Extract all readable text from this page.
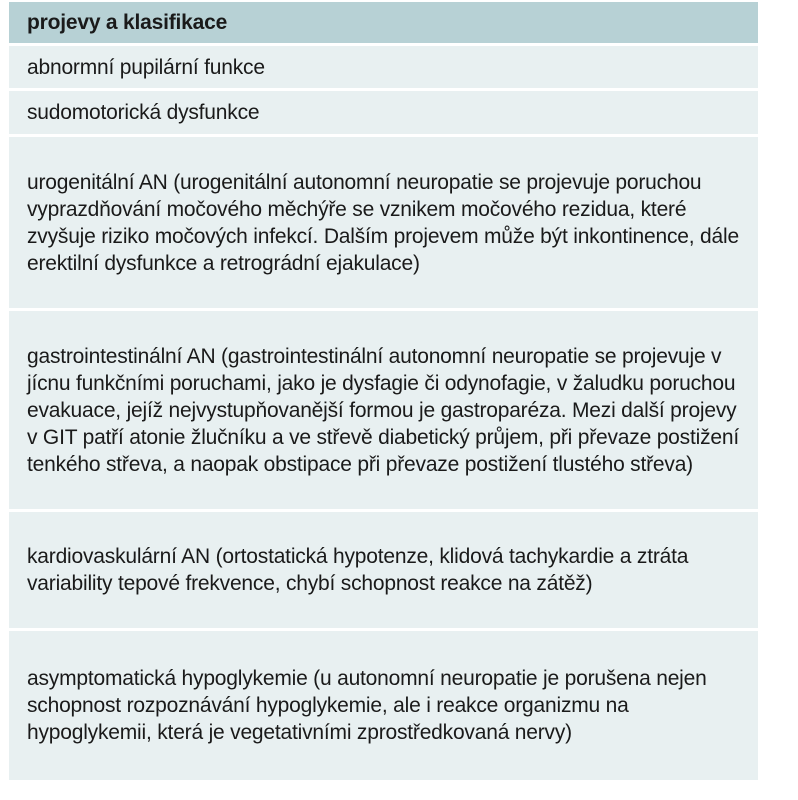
projevy a klasifikace
abnormní pupilární funkce
sudomotorická dysfunkce
urogenitální AN (urogenitální autonomní neuropatie se projevuje poruchou vyprazdňování močového měchýře se vznikem močového rezidua, které zvyšuje riziko močových infekcí. Dalším projevem může být inkontinence, dále erektilní dysfunkce a retrográdní ejakulace)
gastrointestinální AN (gastrointestinální autonomní neuropatie se projevuje v jícnu funkčními poruchami, jako je dysfagie či odynofagie, v žaludku poruchou evakuace, jejíž nejvystupňovanější formou je gastroparéza. Mezi další projevy v GIT patří atonie žlučníku a ve střevě diabetický průjem, při převaze postižení tenkého střeva, a naopak obstipace při převaze postižení tlustého střeva)
kardiovaskulární AN (ortostatická hypotenze, klidová tachykardie a ztráta variability tepové frekvence, chybí schopnost reakce na zátěž)
asymptomatická hypoglykemie (u autonomní neuropatie je porušena nejen schopnost rozpoznávání hypoglykemie, ale i reakce organizmu na hypoglykemii, která je vegetativními zprostředkovaná nervy)
